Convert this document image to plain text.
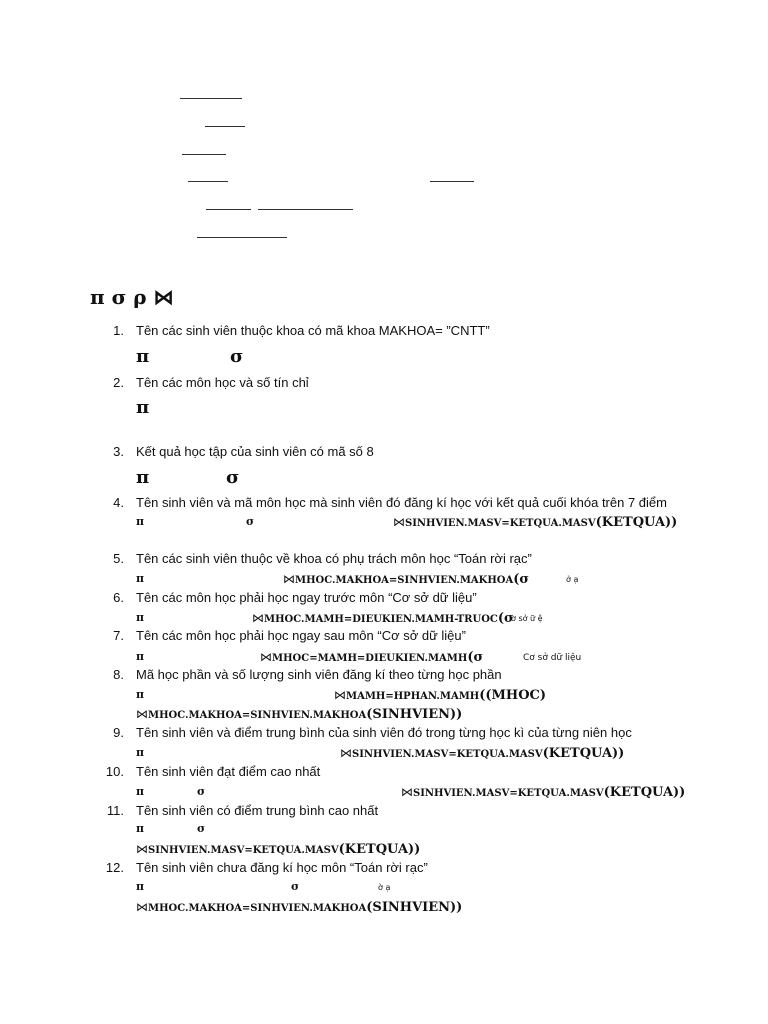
π σ ρ ⋈
1. Tên các sinh viên thuộc khoa có mã khoa MAKHOA= ”CNTT”
π	σ
2. Tên các môn học và số tín chỉ
π
3. Kết quả học tập của sinh viên có mã số 8
π	σ
4. Tên sinh viên và mã môn học mà sinh viên đó đăng kí học với kết quả cuối khóa trên 7 điểm
π	σ	⋈SINHVIEN.MASV=KETQUA.MASV(KETQUA))
5. Tên các sinh viên thuộc về khoa có phụ trách môn học “Toán rời rạc”
π	⋈MHOC.MAKHOA=SINHVIEN.MAKHOA(σ	ở ạ
6. Tên các môn học phải học ngay trước môn “Cơ sở dữ liệu”
π	⋈MHOC.MAMH=DIEUKIEN.MAMH-TRUOC(σ
ơ sở ữ ệ
7. Tên các môn học phải học ngay sau môn “Cơ sở dữ liệu”
π	⋈MHOC=MAMH=DIEUKIEN.MAMH(σ	Cơ sở dữ liệu
8. Mã học phần và số lượng sinh viên đăng kí theo từng học phần
π	⋈MAMH=HPHAN.MAMH((MHOC)
⋈MHOC.MAKHOA=SINHVIEN.MAKHOA(SINHVIEN))
9. Tên sinh viên và điểm trung bình của sinh viên đó trong từng học kì của từng niên học
π	⋈SINHVIEN.MASV=KETQUA.MASV(KETQUA))
10. Tên sinh viên đạt điểm cao nhất
π	σ	⋈SINHVIEN.MASV=KETQUA.MASV(KETQUA))
11. Tên sinh viên có điểm trung bình cao nhất
π	σ
⋈SINHVIEN.MASV=KETQUA.MASV(KETQUA))
12. Tên sinh viên chưa đăng kí học môn “Toán rời rạc”
π	σ	ờ ạ
⋈MHOC.MAKHOA=SINHVIEN.MAKHOA(SINHVIEN))
